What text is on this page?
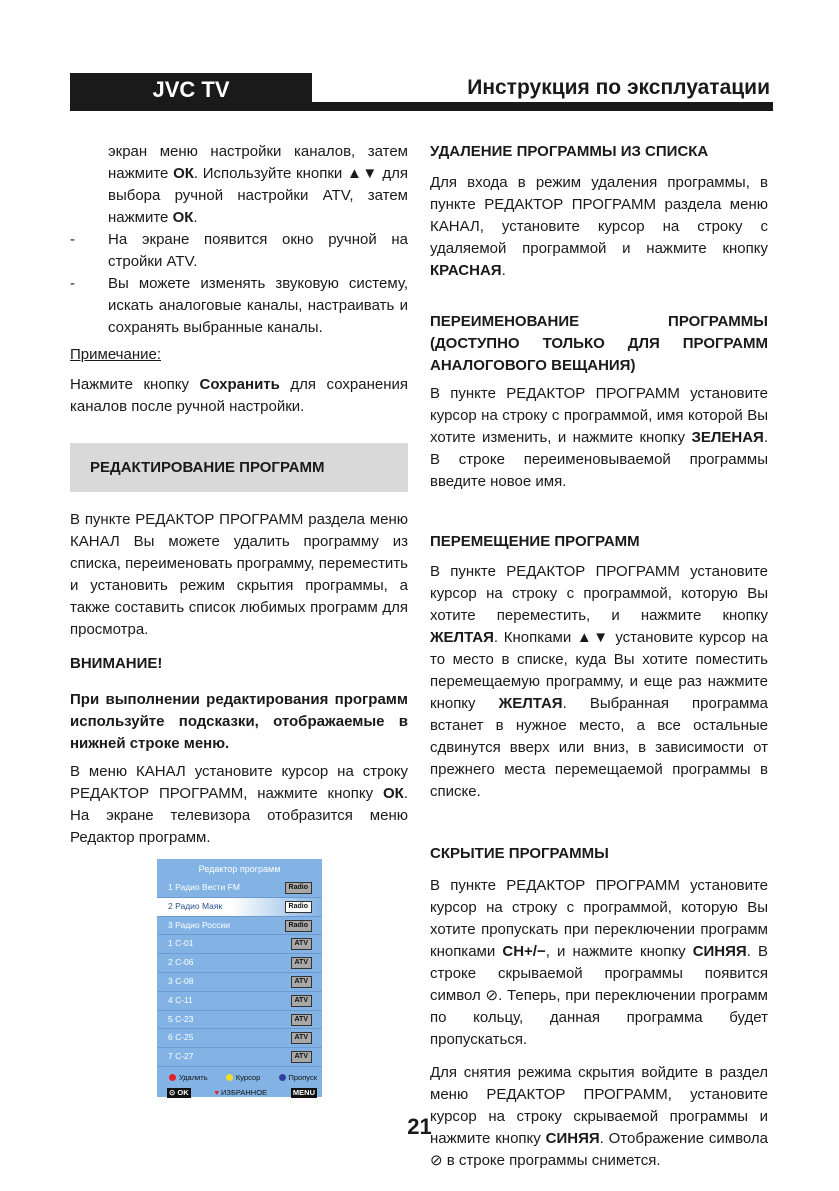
JVC TV	Инструкция по эксплуатации
экран меню настройки каналов, затем нажмите ОК. Используйте кнопки ▲▼ для выбора ручной настройки ATV, затем нажмите ОК.
- На экране появится окно ручной на стройки ATV.
- Вы можете изменять звуковую систему, искать аналоговые каналы, настраивать и сохранять выбранные каналы.
Примечание:
Нажмите кнопку Сохранить для сохранения каналов после ручной настройки.
РЕДАКТИРОВАНИЕ ПРОГРАММ
В пункте РЕДАКТОР ПРОГРАММ раздела меню КАНАЛ Вы можете удалить программу из списка, переименовать программу, переместить и установить режим скрытия программы, а также составить список любимых программ для просмотра.
ВНИМАНИЕ!
При выполнении редактирования программ используйте подсказки, отображаемые в нижней строке меню.
В меню КАНАЛ установите курсор на строку РЕДАКТОР ПРОГРАММ, нажмите кнопку ОК. На экране телевизора отобразится меню Редактор программ.
Редактор программ
1 Радио Вести FM	Radio
2 Радио Маяк	Radio
3 Радио России	Radio
1 C-01	ATV
2 C-06	ATV
3 C-08	ATV
4 C-11	ATV
5 C-23	ATV
6 C-25	ATV
7 C-27	ATV
Удалить	Курсор	Пропуск
⊙ OK	♥ ИЗБРАННОЕ	MENU
УДАЛЕНИЕ ПРОГРАММЫ ИЗ СПИСКА
Для входа в режим удаления программы, в пункте РЕДАКТОР ПРОГРАММ раздела меню КАНАЛ, установите курсор на строку с удаляемой программой и нажмите кнопку КРАСНАЯ.
ПЕРЕИМЕНОВАНИЕ ПРОГРАММЫ (ДОСТУПНО ТОЛЬКО ДЛЯ ПРОГРАММ АНАЛОГОВОГО ВЕЩАНИЯ)
В пункте РЕДАКТОР ПРОГРАММ установите курсор на строку с программой, имя которой Вы хотите изменить, и нажмите кнопку ЗЕЛЕНАЯ. В строке переименовываемой программы введите новое имя.
ПЕРЕМЕЩЕНИЕ ПРОГРАММ
В пункте РЕДАКТОР ПРОГРАММ установите курсор на строку с программой, которую Вы хотите переместить, и нажмите кнопку ЖЕЛТАЯ. Кнопками ▲▼ установите курсор на то место в списке, куда Вы хотите поместить перемещаемую программу, и еще раз нажмите кнопку ЖЕЛТАЯ. Выбранная программа встанет в нужное место, а все остальные сдвинутся вверх или вниз, в зависимости от прежнего места перемещаемой программы в списке.
СКРЫТИЕ ПРОГРАММЫ
В пункте РЕДАКТОР ПРОГРАММ установите курсор на строку с программой, которую Вы хотите пропускать при переключении программ кнопками CH+/−, и нажмите кнопку СИНЯЯ. В строке скрываемой программы появится символ ⊘. Теперь, при переключении программ по кольцу, данная программа будет пропускаться.
Для снятия режима скрытия войдите в раздел меню РЕДАКТОР ПРОГРАММ, установите курсор на строку скрываемой программы и нажмите кнопку СИНЯЯ. Отображение символа ⊘ в строке программы снимется.
21
